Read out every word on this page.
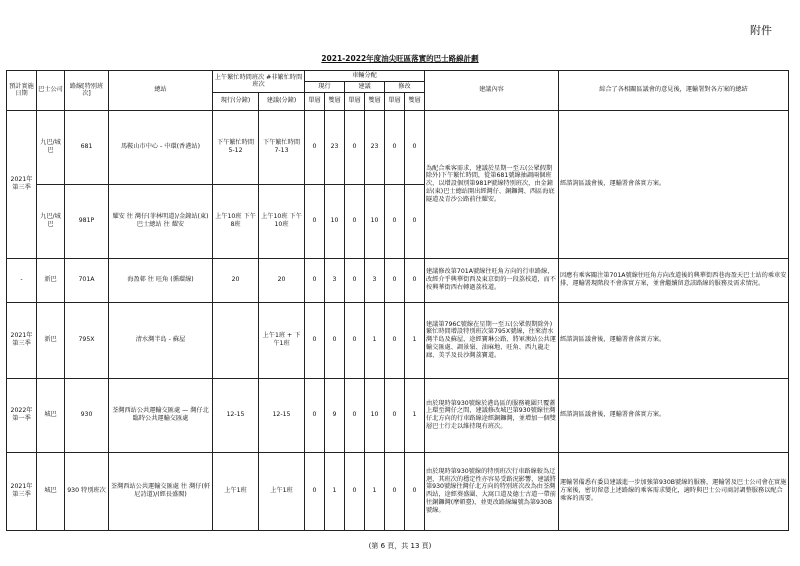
附件
2021-2022年度油尖旺區落實的巴士路線計劃
預計實施日期	巴士公司	路線[特別班次]	總站	上午繁忙時間班次 #非繁忙時間班次		車輛分配						建議內容	綜合了各相關區議會的意見後，運輸署對各方案的總結
						現行		建議		修改			
				現行(分鐘)	建議(分鐘)	單層	雙層	單層	雙層	單層	雙層		
2021年第三季	九巴/城巴	681	馬鞍山市中心 - 中環(香港站)	下午繁忙時間 5-12	下午繁忙時間 7-13	0	23	0	23	0	0	為配合乘客需求，建議於星期一至五(公眾假期除外)下午繁忙時間，從第681號線抽調兩個班次，以增設個別第981P號線特別班次，由金鐘站(東)巴士總站開出經灣仔、銅鑼灣、西區海底隧道及青沙公路前往耀安。	經諮詢區議會後，運輸署會落實方案。
	九巴/城巴	981P	耀安 往 灣仔(菲林明道)/金鐘站(東)巴士總站 往 耀安	上午10班 下午8班	上午10班 下午10班	0	10	0	10	0	0		
-	新巴	701A	海盈邨 往 旺角 (循環線)	20	20	0	3	0	3	0	0	建議修改第701A號線往旺角方向的行車路線，改經介乎興華街西及東京街的一段荔枝道，而不按興華街西右轉過荔枝道。	因應有乘客關注第701A號線往旺角方向改道後的興華街西巷海盈天巴士站的乘車安排，運輸署現階段不會落實方案，並會繼續留意該路線的服務及需求情況。
2021年第三季	新巴	795X	清水灣半島 - 蘇屋		上午1班 + 下午1班	0	0	0	1	0	1	建議第796C號線在星期一至五(公眾假期除外)繁忙時間增設特別班次第795X號線，往來清水灣半島及蘇屋，途經寶琳公路、將軍澳站公共運輸交匯處、調景嶺、油麻地、旺角、西九龍走廊、美孚及長沙灣荔寶道。	經諮詢區議會後，運輸署會落實方案。
2022年第一季	城巴	930	荃灣西站公共運輸交匯處 — 灣仔北臨時公共運輸交匯處	12-15	12-15	0	9	0	10	0	1	由於現時第930號線於港島區的服務範圍只覆蓋上環至灣仔之間，建議修改城巴第930號線往灣仔北方向的行車路線途經銅鑼灣，並增加一個雙層巴士行走以維持現有班次。	經諮詢區議會後，運輸署會落實方案。
2021年第三季	城巴	930 特別班次	荃灣西站公共運輸交匯處 往 灣仔(軒尼詩道)/(經長盛閣)	上午1班	上午1班	0	1	0	1	0	0	由於現時第930號線的特別班次行車路線較為迂迴，其班次的穩定性亦容易受路況影響，建議將第930號線往灣仔北方向的特別班次改為由荃灣西站，途經葵盛圍、大窩口道及德士古道一帶前往銅鑼灣(摩頓臺)，並更改路線編號為第930B號線。	運輸署備悉有委員建議進一步加強第930B號線的服務，運輸署及巴士公司會在實施方案後，密切留意上述路線的乘客需求變化，適時與巴士公司商討調整服務以配合乘客的需要。
(第 6 頁，共 13 頁)
